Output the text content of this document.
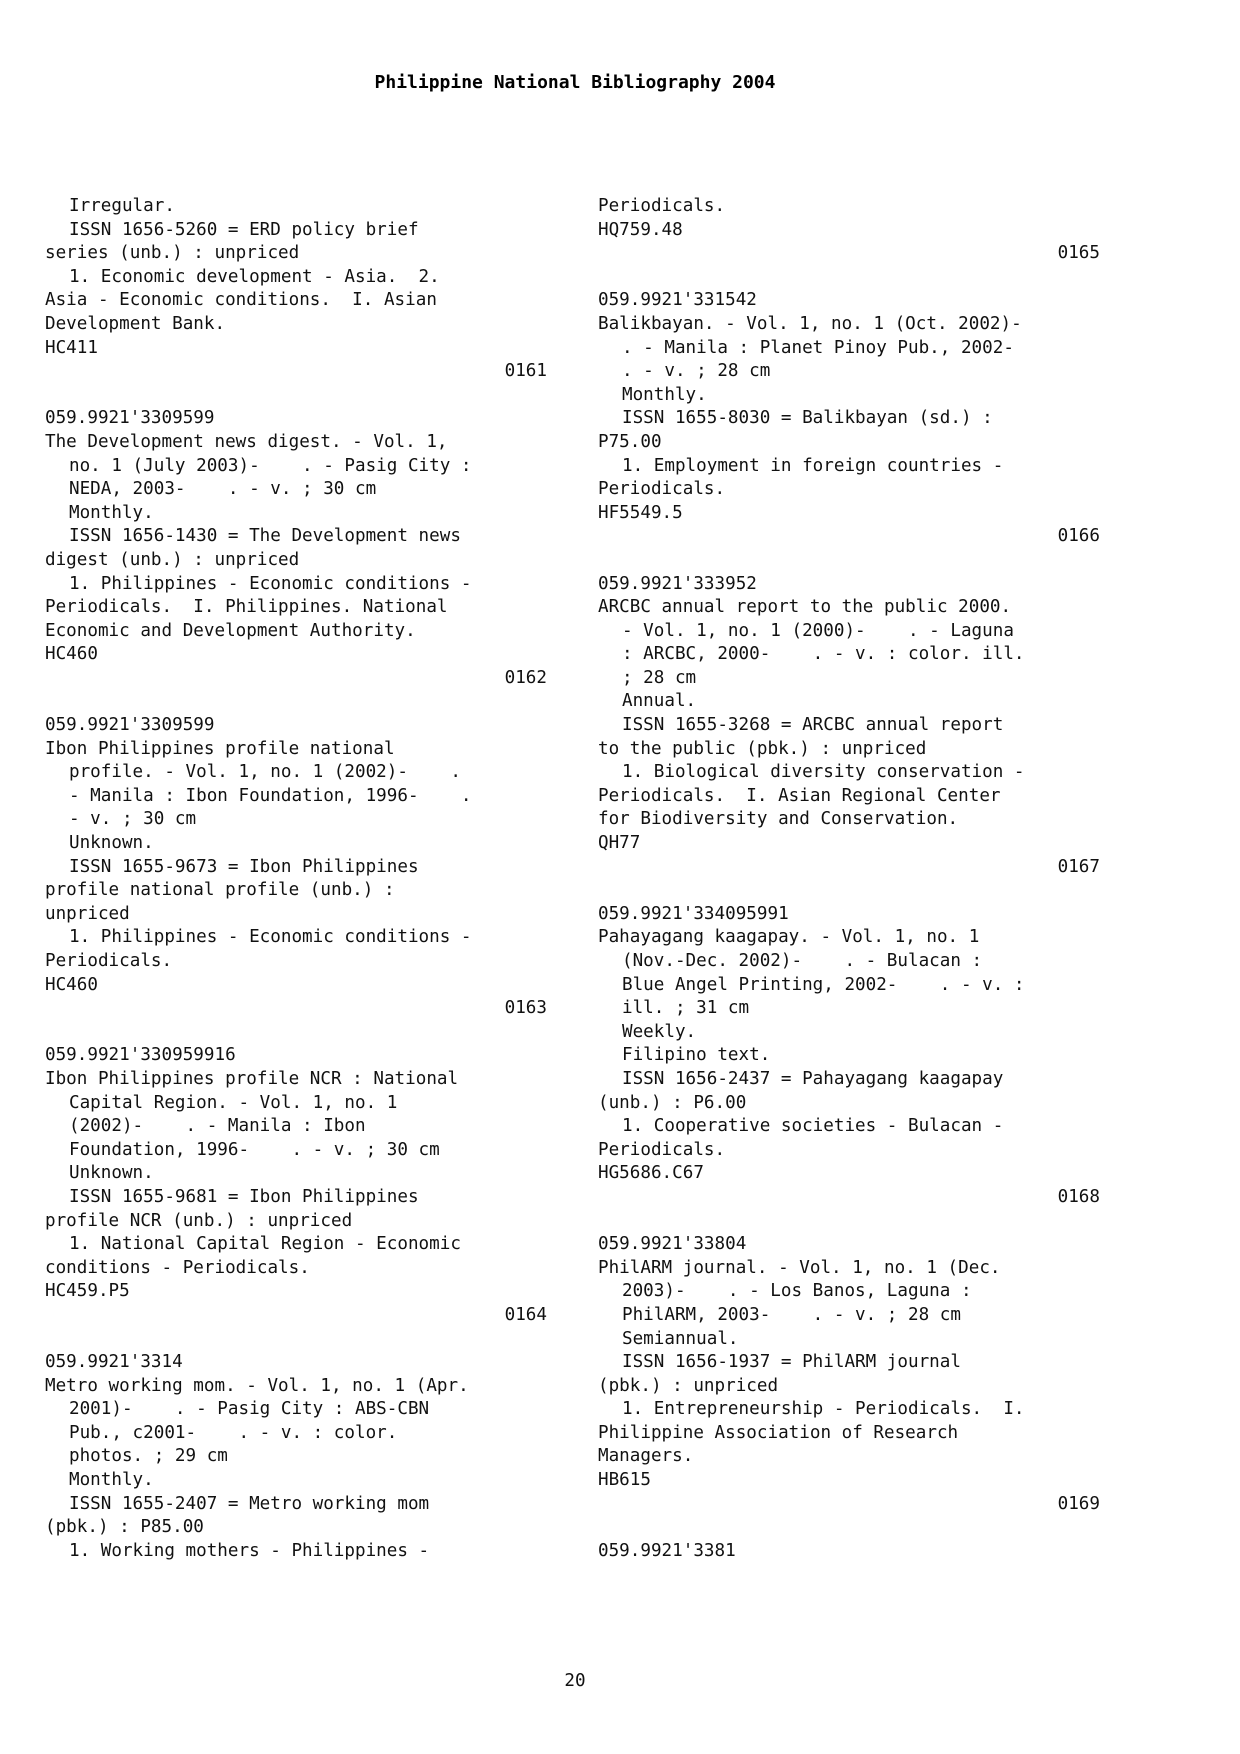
Philippine National Bibliography 2004
Irregular.
ISSN 1656-5260 = ERD policy brief
series (unb.) : unpriced
1. Economic development - Asia.  2.
Asia - Economic conditions.  I. Asian
Development Bank.
HC411
0161
059.9921'3309599
The Development news digest. - Vol. 1,
no. 1 (July 2003)-    . - Pasig City :
NEDA, 2003-    . - v. ; 30 cm
Monthly.
ISSN 1656-1430 = The Development news
digest (unb.) : unpriced
1. Philippines - Economic conditions -
Periodicals.  I. Philippines. National
Economic and Development Authority.
HC460
0162
059.9921'3309599
Ibon Philippines profile national
profile. - Vol. 1, no. 1 (2002)-    .
- Manila : Ibon Foundation, 1996-    .
- v. ; 30 cm
Unknown.
ISSN 1655-9673 = Ibon Philippines
profile national profile (unb.) :
unpriced
1. Philippines - Economic conditions -
Periodicals.
HC460
0163
059.9921'330959916
Ibon Philippines profile NCR : National
Capital Region. - Vol. 1, no. 1
(2002)-    . - Manila : Ibon
Foundation, 1996-    . - v. ; 30 cm
Unknown.
ISSN 1655-9681 = Ibon Philippines
profile NCR (unb.) : unpriced
1. National Capital Region - Economic
conditions - Periodicals.
HC459.P5
0164
059.9921'3314
Metro working mom. - Vol. 1, no. 1 (Apr.
2001)-    . - Pasig City : ABS-CBN
Pub., c2001-    . - v. : color.
photos. ; 29 cm
Monthly.
ISSN 1655-2407 = Metro working mom
(pbk.) : P85.00
1. Working mothers - Philippines -
Periodicals.
HQ759.48
0165
059.9921'331542
Balikbayan. - Vol. 1, no. 1 (Oct. 2002)-
. - Manila : Planet Pinoy Pub., 2002-
. - v. ; 28 cm
Monthly.
ISSN 1655-8030 = Balikbayan (sd.) :
P75.00
1. Employment in foreign countries -
Periodicals.
HF5549.5
0166
059.9921'333952
ARCBC annual report to the public 2000.
- Vol. 1, no. 1 (2000)-    . - Laguna
: ARCBC, 2000-    . - v. : color. ill.
; 28 cm
Annual.
ISSN 1655-3268 = ARCBC annual report
to the public (pbk.) : unpriced
1. Biological diversity conservation -
Periodicals.  I. Asian Regional Center
for Biodiversity and Conservation.
QH77
0167
059.9921'334095991
Pahayagang kaagapay. - Vol. 1, no. 1
(Nov.-Dec. 2002)-    . - Bulacan :
Blue Angel Printing, 2002-    . - v. :
ill. ; 31 cm
Weekly.
Filipino text.
ISSN 1656-2437 = Pahayagang kaagapay
(unb.) : P6.00
1. Cooperative societies - Bulacan -
Periodicals.
HG5686.C67
0168
059.9921'33804
PhilARM journal. - Vol. 1, no. 1 (Dec.
2003)-    . - Los Banos, Laguna :
PhilARM, 2003-    . - v. ; 28 cm
Semiannual.
ISSN 1656-1937 = PhilARM journal
(pbk.) : unpriced
1. Entrepreneurship - Periodicals.  I.
Philippine Association of Research
Managers.
HB615
0169
059.9921'3381
20
